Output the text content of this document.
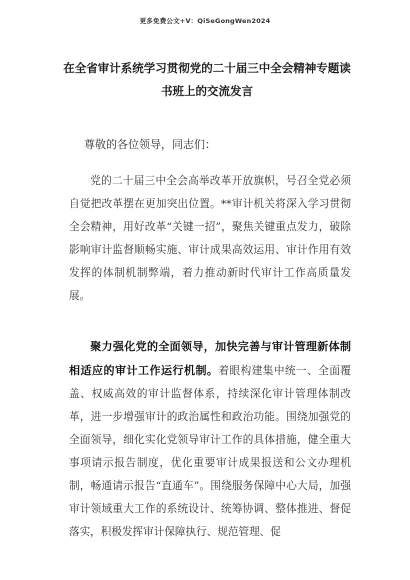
更多免费公文+V：QiSeGongWen2024
在全省审计系统学习贯彻党的二十届三中全会精神专题读
书班上的交流发言
尊敬的各位领导，同志们：

党的二十届三中全会高举改革开放旗帜，号召全党必须自觉把改革摆在更加突出位置。**审计机关将深入学习贯彻全会精神，用好改革“关键一招”，聚焦关键重点发力，破除影响审计监督顺畅实施、审计成果高效运用、审计作用有效发挥的体制机制弊端，着力推动新时代审计工作高质量发展。

聚力强化党的全面领导，加快完善与审计管理新体制相适应的审计工作运行机制。着眼构建集中统一、全面覆盖、权威高效的审计监督体系，持续深化审计管理体制改革，进一步增强审计的政治属性和政治功能。围绕加强党的全面领导，细化实化党领导审计工作的具体措施，健全重大事项请示报告制度，优化重要审计成果报送和公文办理机制，畅通请示报告“直通车”。围绕服务保障中心大局，加强审计领域重大工作的系统设计、统筹协调、整体推进、督促落实，积极发挥审计保障执行、规范管理、促
